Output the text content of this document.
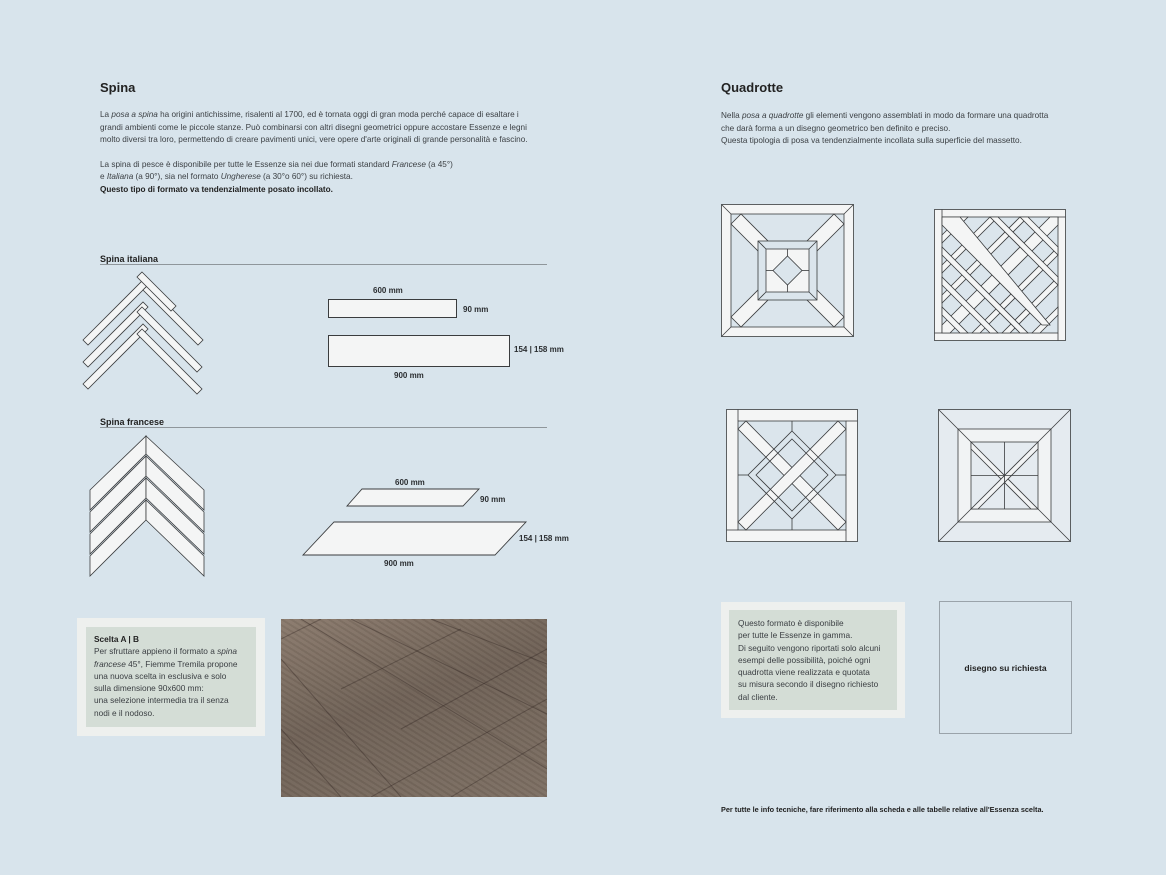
Spina

La posa a spina ha origini antichissime, risalenti al 1700, ed è tornata oggi di gran moda perché capace di esaltare i
grandi ambienti come le piccole stanze. Può combinarsi con altri disegni geometrici oppure accostare Essenze e legni
molto diversi tra loro, permettendo di creare pavimenti unici, vere opere d'arte originali di grande personalità e fascino.

La spina di pesce è disponibile per tutte le Essenze sia nei due formati standard Francese (a 45°)
e Italiana (a 90°), sia nel formato Ungherese (a 30°o 60°) su richiesta.
Questo tipo di formato va tendenzialmente posato incollato.

Spina italiana
600 mm
90 mm
154 | 158 mm
900 mm
Spina francese
600 mm
90 mm
154 | 158 mm
900 mm
Scelta A | B
Per sfruttare appieno il formato a spina
francese 45°, Fiemme Tremila propone
una nuova scelta in esclusiva e solo
sulla dimensione 90x600 mm:
una selezione intermedia tra il senza
nodi e il nodoso.
Quadrotte

Nella posa a quadrotte gli elementi vengono assemblati in modo da formare una quadrotta
che darà forma a un disegno geometrico ben definito e preciso.
Questa tipologia di posa va tendenzialmente incollata sulla superficie del massetto.

Questo formato è disponibile
per tutte le Essenze in gamma.
Di seguito vengono riportati solo alcuni
esempi delle possibilità, poiché ogni
quadrotta viene realizzata e quotata
su misura secondo il disegno richiesto
dal cliente.
disegno su richiesta
Per tutte le info tecniche, fare riferimento alla scheda e alle tabelle relative all'Essenza scelta.
